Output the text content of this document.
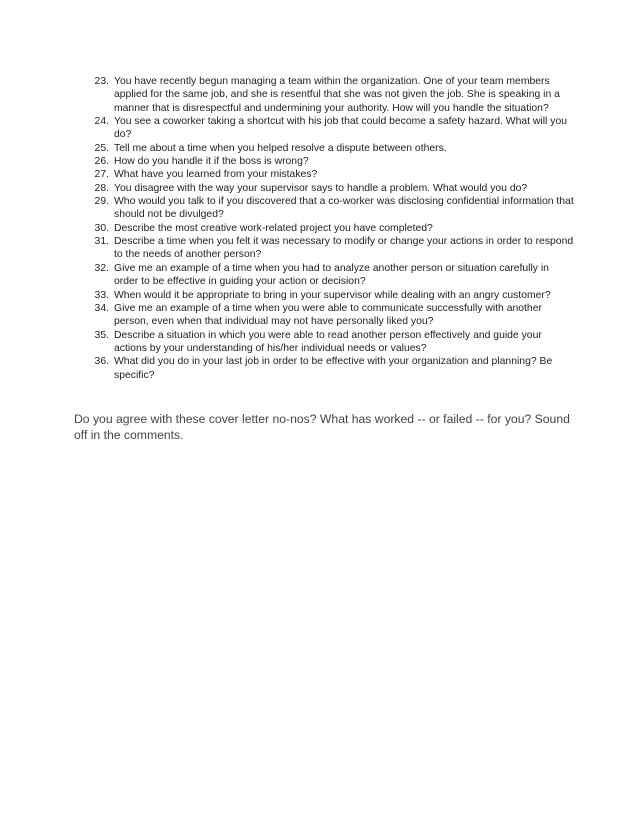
23. You have recently begun managing a team within the organization. One of your team members applied for the same job, and she is resentful that she was not given the job. She is speaking in a manner that is disrespectful and undermining your authority. How will you handle the situation?
24. You see a coworker taking a shortcut with his job that could become a safety hazard. What will you do?
25. Tell me about a time when you helped resolve a dispute between others.
26. How do you handle it if the boss is wrong?
27. What have you learned from your mistakes?
28. You disagree with the way your supervisor says to handle a problem. What would you do?
29. Who would you talk to if you discovered that a co-worker was disclosing confidential information that should not be divulged?
30. Describe the most creative work-related project you have completed?
31. Describe a time when you felt it was necessary to modify or change your actions in order to respond to the needs of another person?
32. Give me an example of a time when you had to analyze another person or situation carefully in order to be effective in guiding your action or decision?
33. When would it be appropriate to bring in your supervisor while dealing with an angry customer?
34. Give me an example of a time when you were able to communicate successfully with another person, even when that individual may not have personally liked you?
35. Describe a situation in which you were able to read another person effectively and guide your actions by your understanding of his/her individual needs or values?
36. What did you do in your last job in order to be effective with your organization and planning? Be specific?

Do you agree with these cover letter no-nos? What has worked -- or failed -- for you? Sound off in the comments.
